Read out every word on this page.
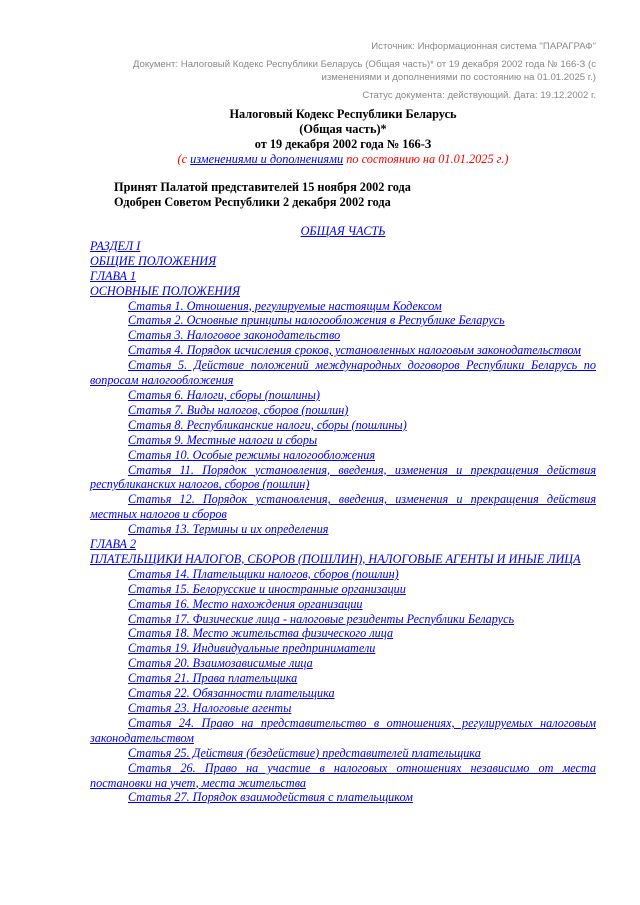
Источник: Информационная система "ПАРАГРАФ"

Документ: Налоговый Кодекс Республики Беларусь (Общая часть)* от 19 декабря 2002 года № 166-З (с изменениями и дополнениями по состоянию на 01.01.2025 г.)

Статус документа: действующий. Дата: 19.12.2002 г.

Налоговый Кодекс Республики Беларусь
(Общая часть)*
от 19 декабря 2002 года № 166-З
(с изменениями и дополнениями по состоянию на 01.01.2025 г.)
Принят Палатой представителей 15 ноября 2002 года
Одобрен Советом Республики 2 декабря 2002 года
ОБЩАЯ ЧАСТЬ
РАЗДЕЛ I
ОБЩИЕ ПОЛОЖЕНИЯ
ГЛАВА 1
ОСНОВНЫЕ ПОЛОЖЕНИЯ
Статья 1. Отношения, регулируемые настоящим Кодексом
Статья 2. Основные принципы налогообложения в Республике Беларусь
Статья 3. Налоговое законодательство
Статья 4. Порядок исчисления сроков, установленных налоговым законодательством
Статья 5. Действие положений международных договоров Республики Беларусь по вопросам налогообложения
Статья 6. Налоги, сборы (пошлины)
Статья 7. Виды налогов, сборов (пошлин)
Статья 8. Республиканские налоги, сборы (пошлины)
Статья 9. Местные налоги и сборы
Статья 10. Особые режимы налогообложения
Статья 11. Порядок установления, введения, изменения и прекращения действия республиканских налогов, сборов (пошлин)
Статья 12. Порядок установления, введения, изменения и прекращения действия местных налогов и сборов
Статья 13. Термины и их определения
ГЛАВА 2
ПЛАТЕЛЬЩИКИ НАЛОГОВ, СБОРОВ (ПОШЛИН), НАЛОГОВЫЕ АГЕНТЫ И ИНЫЕ ЛИЦА
Статья 14. Плательщики налогов, сборов (пошлин)
Статья 15. Белорусские и иностранные организации
Статья 16. Место нахождения организации
Статья 17. Физические лица - налоговые резиденты Республики Беларусь
Статья 18. Место жительства физического лица
Статья 19. Индивидуальные предприниматели
Статья 20. Взаимозависимые лица
Статья 21. Права плательщика
Статья 22. Обязанности плательщика
Статья 23. Налоговые агенты
Статья 24. Право на представительство в отношениях, регулируемых налоговым законодательством
Статья 25. Действия (бездействие) представителей плательщика
Статья 26. Право на участие в налоговых отношениях независимо от места постановки на учет, места жительства
Статья 27. Порядок взаимодействия с плательщиком
